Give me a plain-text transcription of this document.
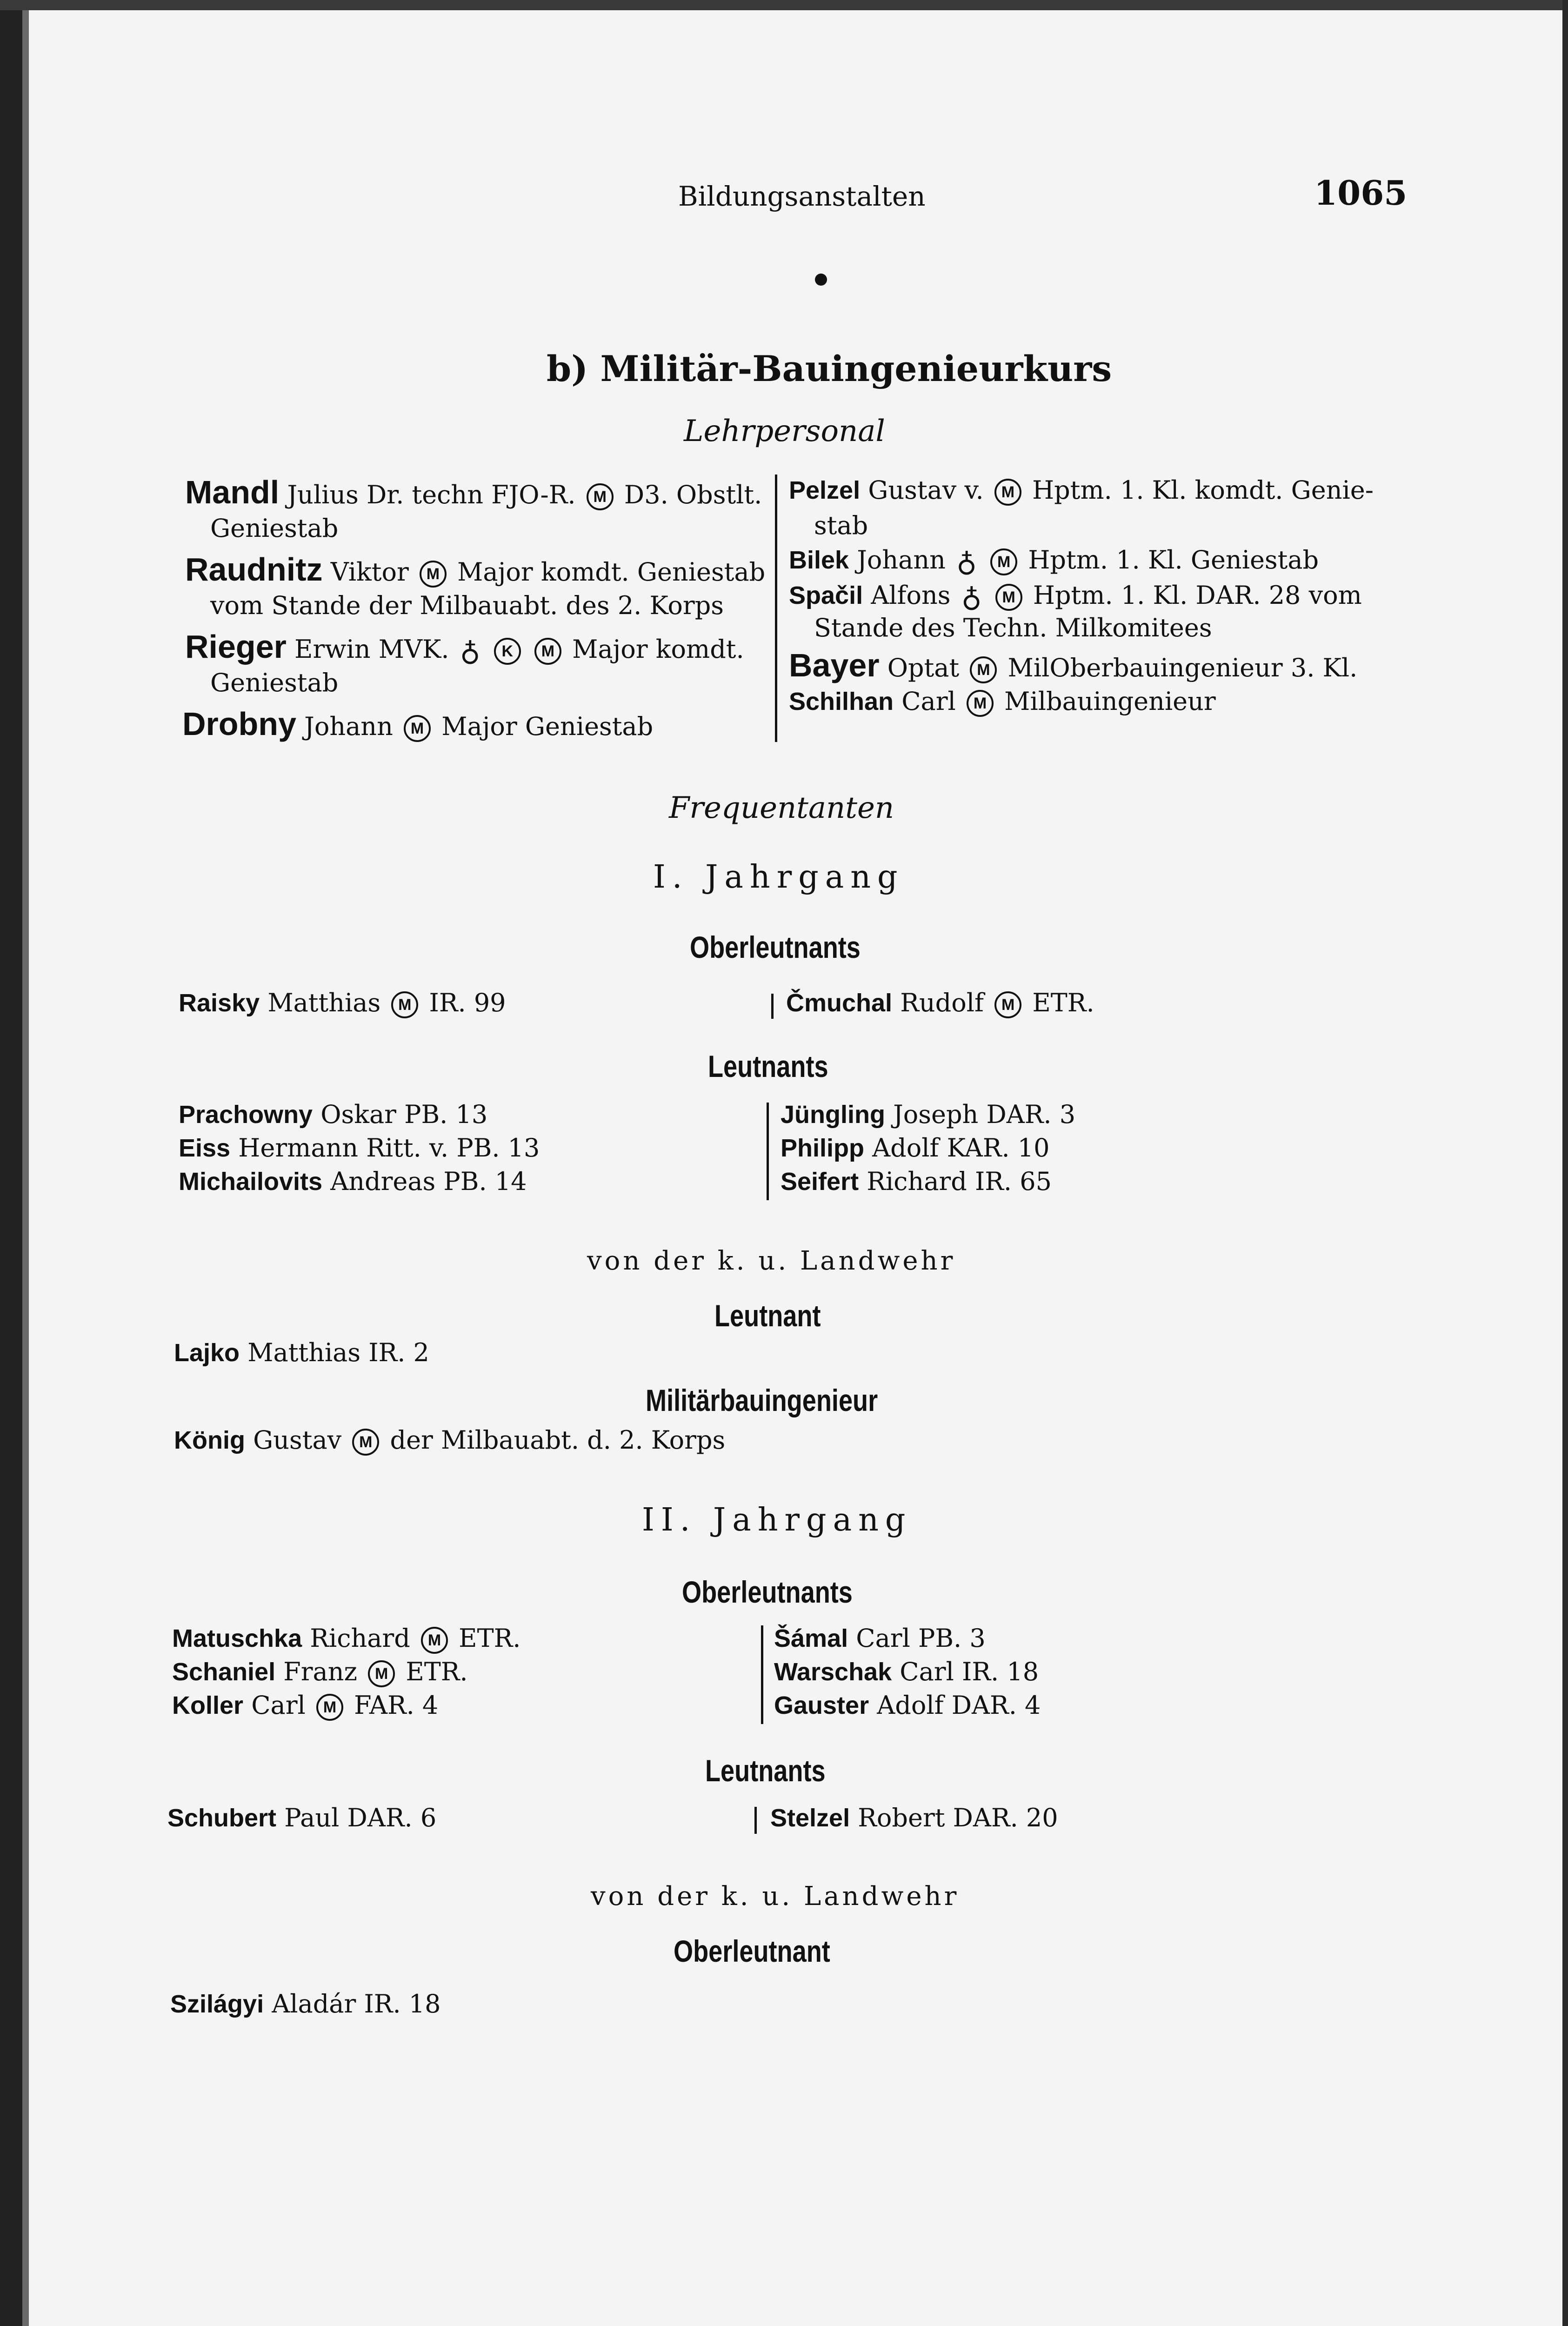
Bildungsanstalten	1065
b) Militär-Bauingenieurkurs
Lehrpersonal
Mandl Julius Dr. techn FJO-R. M D3. Obstlt.
Geniestab
Raudnitz Viktor M Major komdt. Geniestab
vom Stande der Milbauabt. des 2. Korps
Rieger Erwin MVK. ♁ K M Major komdt.
Geniestab
Drobny Johann M Major Geniestab
Pelzel Gustav v. M Hptm. 1. Kl. komdt. Genie-
stab
Bilek Johann ♁ M Hptm. 1. Kl. Geniestab
Spačil Alfons ♁ M Hptm. 1. Kl. DAR. 28 vom
Stande des Techn. Milkomitees
Bayer Optat M MilOberbauingenieur 3. Kl.
Schilhan Carl M Milbauingenieur
Frequentanten
I. Jahrgang
Oberleutnants
Raisky Matthias M IR. 99	Čmuchal Rudolf M ETR.
Leutnants
Prachowny Oskar PB. 13
Eiss Hermann Ritt. v. PB. 13
Michailovits Andreas PB. 14
Jüngling Joseph DAR. 3
Philipp Adolf KAR. 10
Seifert Richard IR. 65
von der k. u. Landwehr
Leutnant
Lajko Matthias IR. 2
Militärbauingenieur
König Gustav M der Milbauabt. d. 2. Korps
II. Jahrgang
Oberleutnants
Matuschka Richard M ETR.
Schaniel Franz M ETR.
Koller Carl M FAR. 4
Šámal Carl PB. 3
Warschak Carl IR. 18
Gauster Adolf DAR. 4
Leutnants
Schubert Paul DAR. 6	Stelzel Robert DAR. 20
von der k. u. Landwehr
Oberleutnant
Szilágyi Aladár IR. 18
